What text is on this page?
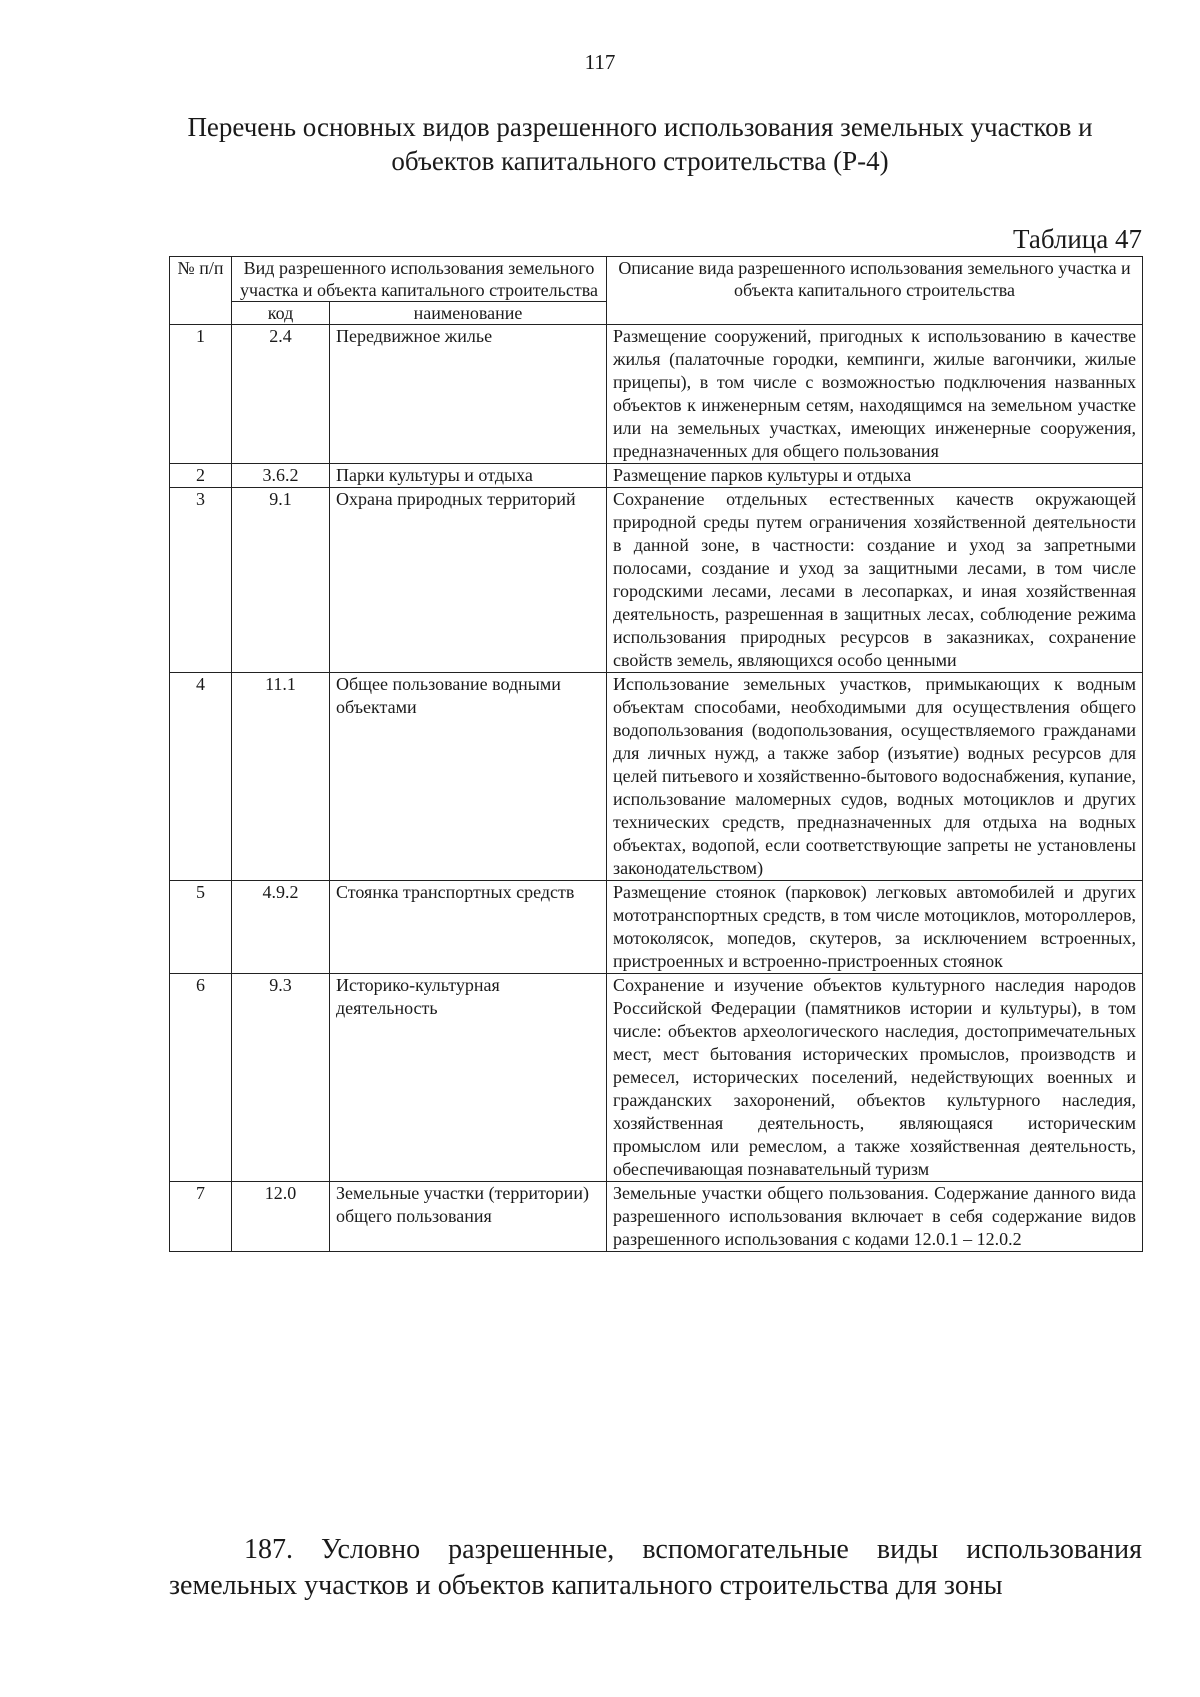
117
Перечень основных видов разрешенного использования земельных участков и объектов капитального строительства (Р-4)
Таблица 47
№ п/п	Вид разрешенного использования земельного участка и объекта капитального строительства		Описание вида разрешенного использования земельного участка и объекта капитального строительства
	код	наименование	
1	2.4	Передвижное жилье	Размещение сооружений, пригодных к использованию в качестве жилья (палаточные городки, кемпинги, жилые вагончики, жилые прицепы), в том числе с возможностью подключения названных объектов к инженерным сетям, находящимся на земельном участке или на земельных участках, имеющих инженерные сооружения, предназначенных для общего пользования
2	3.6.2	Парки культуры и отдыха	Размещение парков культуры и отдыха
3	9.1	Охрана природных территорий	Сохранение отдельных естественных качеств окружающей природной среды путем ограничения хозяйственной деятельности в данной зоне, в частности: создание и уход за запретными полосами, создание и уход за защитными лесами, в том числе городскими лесами, лесами в лесопарках, и иная хозяйственная деятельность, разрешенная в защитных лесах, соблюдение режима использования природных ресурсов в заказниках, сохранение свойств земель, являющихся особо ценными
4	11.1	Общее пользование водными объектами	Использование земельных участков, примыкающих к водным объектам способами, необходимыми для осуществления общего водопользования (водопользования, осуществляемого гражданами для личных нужд, а также забор (изъятие) водных ресурсов для целей питьевого и хозяйственно-бытового водоснабжения, купание, использование маломерных судов, водных мотоциклов и других технических средств, предназначенных для отдыха на водных объектах, водопой, если соответствующие запреты не установлены законодательством)
5	4.9.2	Стоянка транспортных средств	Размещение стоянок (парковок) легковых автомобилей и других мототранспортных средств, в том числе мотоциклов, мотороллеров, мотоколясок, мопедов, скутеров, за исключением встроенных, пристроенных и встроенно-пристроенных стоянок
6	9.3	Историко-культурная деятельность	Сохранение и изучение объектов культурного наследия народов Российской Федерации (памятников истории и культуры), в том числе: объектов археологического наследия, достопримечательных мест, мест бытования исторических промыслов, производств и ремесел, исторических поселений, недействующих военных и гражданских захоронений, объектов культурного наследия, хозяйственная деятельность, являющаяся историческим промыслом или ремеслом, а также хозяйственная деятельность, обеспечивающая познавательный туризм
7	12.0	Земельные участки (территории) общего пользования	Земельные участки общего пользования. Содержание данного вида разрешенного использования включает в себя содержание видов разрешенного использования с кодами 12.0.1 – 12.0.2
187. Условно разрешенные, вспомогательные виды использования земельных участков и объектов капитального строительства для зоны
